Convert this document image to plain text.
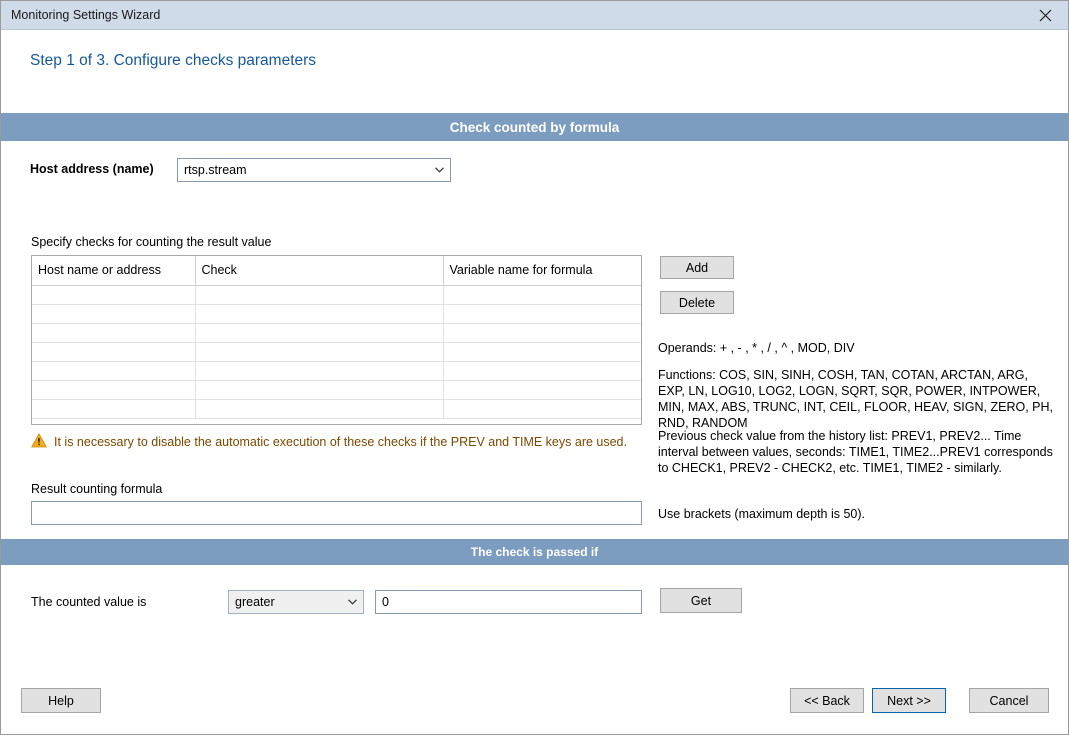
Monitoring Settings Wizard
Step 1 of 3. Configure checks parameters
Check counted by formula
Host address (name) rtsp.stream
Specify checks for counting the result value
Host name or address	Check	Variable name for formula

			Add
Delete
It is necessary to disable the automatic execution of these checks if the PREV and TIME keys are used.
Result counting formula
Operands: + , - , * , / , ^ , MOD, DIV
Functions: COS, SIN, SINH, COSH, TAN, COTAN, ARCTAN, ARG, EXP, LN, LOG10, LOG2, LOGN, SQRT, SQR, POWER, INTPOWER, MIN, MAX, ABS, TRUNC, INT, CEIL, FLOOR, HEAV, SIGN, ZERO, PH, RND, RANDOM
Previous check value from the history list: PREV1, PREV2... Time interval between values, seconds: TIME1, TIME2...PREV1 corresponds to CHECK1, PREV2 - CHECK2, etc. TIME1, TIME2 - similarly.
Use brackets (maximum depth is 50).
The check is passed if
The counted value is	greater	0	Get
Help	<< Back	Next >>	Cancel
